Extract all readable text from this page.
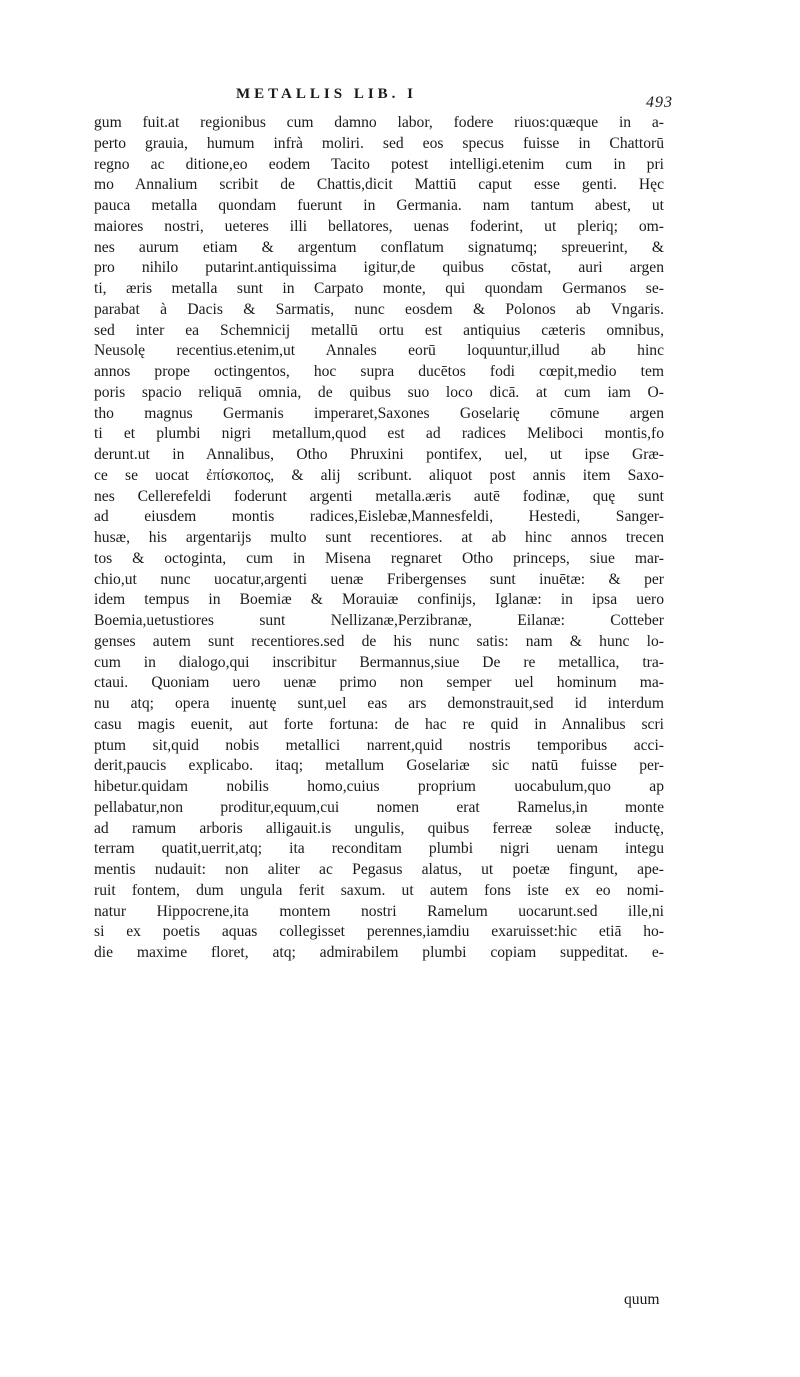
METALLIS LIB. I	493
gum fuit.at regionibus cum damno labor, fodere riuos:quæque in a-
perto grauia, humum infrà moliri. sed eos specus fuisse in Chattorū
regno ac ditione,eo eodem Tacito potest intelligi.etenim cum in pri
mo Annalium scribit de Chattis,dicit Mattiū caput esse genti. Hęc
pauca metalla quondam fuerunt in Germania. nam tantum abest, ut
maiores nostri, ueteres illi bellatores, uenas foderint, ut pleriq; om-
nes aurum etiam & argentum conflatum signatumq; spreuerint, &
pro nihilo putarint.antiquissima igitur,de quibus cōstat, auri argen
ti, æris metalla sunt in Carpato monte, qui quondam Germanos se-
parabat à Dacis & Sarmatis, nunc eosdem & Polonos ab Vngaris.
sed inter ea Schemnicij metallū ortu est antiquius cæteris omnibus,
Neusolę recentius.etenim,ut Annales eorū loquuntur,illud ab hinc
annos prope octingentos, hoc supra ducētos fodi cœpit,medio tem
poris spacio reliquā omnia, de quibus suo loco dicā. at cum iam O-
tho magnus Germanis imperaret,Saxones Goselarię cōmune argen
ti et plumbi nigri metallum,quod est ad radices Meliboci montis,fo
derunt.ut in Annalibus, Otho Phruxini pontifex, uel, ut ipse Græ-
ce se uocat ἐπίσκοπος, & alij scribunt. aliquot post annis item Saxo-
nes Cellerefeldi foderunt argenti metalla.æris autē fodinæ, quę sunt
ad eiusdem montis radices,Eislebæ,Mannesfeldi, Hestedi, Sanger-
husæ, his argentarijs multo sunt recentiores. at ab hinc annos trecen
tos & octoginta, cum in Misena regnaret Otho princeps, siue mar-
chio,ut nunc uocatur,argenti uenæ Fribergenses sunt inuētæ: & per
idem tempus in Boemiæ & Morauiæ confinijs, Iglanæ: in ipsa uero
Boemia,uetustiores sunt Nellizanæ,Perzibranæ, Eilanæ: Cotteber
genses autem sunt recentiores.sed de his nunc satis: nam & hunc lo-
cum in dialogo,qui inscribitur Bermannus,siue De re metallica, tra-
ctaui. Quoniam uero uenæ primo non semper uel hominum ma-
nu atq; opera inuentę sunt,uel eas ars demonstrauit,sed id interdum
casu magis euenit, aut forte fortuna: de hac re quid in Annalibus scri
ptum sit,quid nobis metallici narrent,quid nostris temporibus acci-
derit,paucis explicabo. itaq; metallum Goselariæ sic natū fuisse per-
hibetur.quidam nobilis homo,cuius proprium uocabulum,quo ap
pellabatur,non proditur,equum,cui nomen erat Ramelus,in monte
ad ramum arboris alligauit.is ungulis, quibus ferreæ soleæ inductę,
terram quatit,uerrit,atq; ita reconditam plumbi nigri uenam integu
mentis nudauit: non aliter ac Pegasus alatus, ut poetæ fingunt, ape-
ruit fontem, dum ungula ferit saxum. ut autem fons iste ex eo nomi-
natur Hippocrene,ita montem nostri Ramelum uocarunt.sed ille,ni
si ex poetis aquas collegisset perennes,iamdiu exaruisset:hic etiā ho-
die maxime floret, atq; admirabilem plumbi copiam suppeditat. e-
quum
